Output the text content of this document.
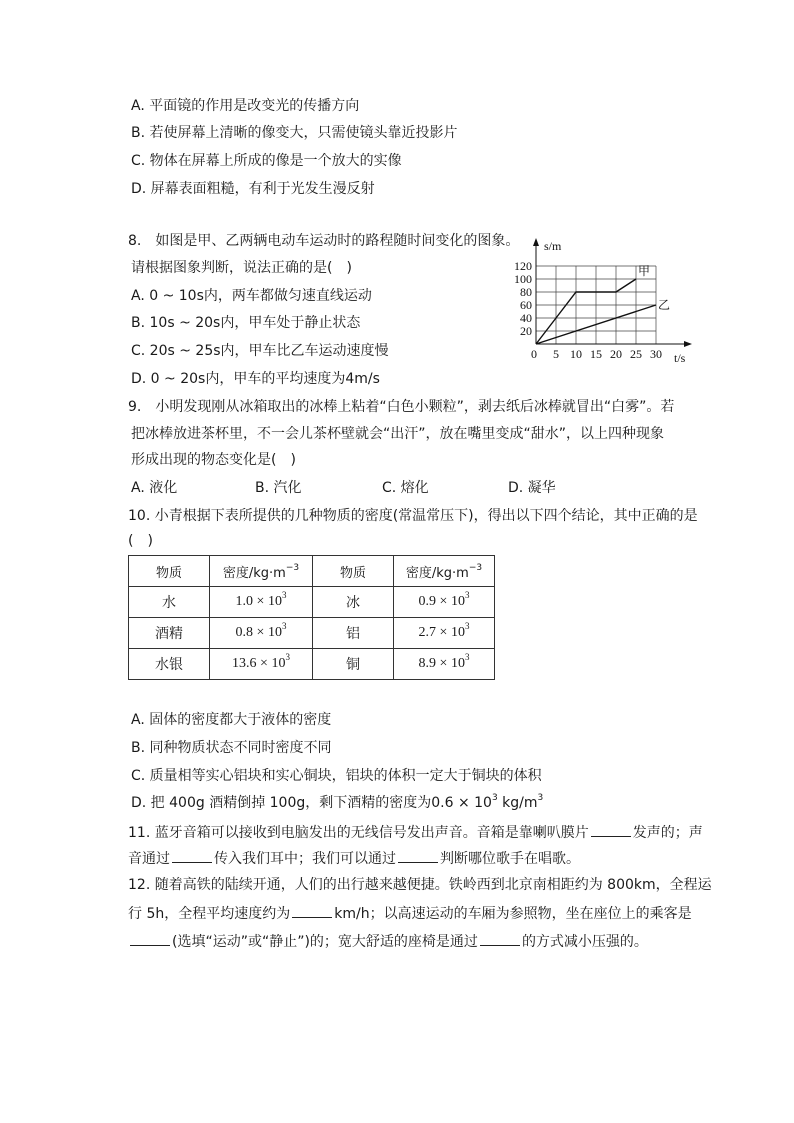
A. 平面镜的作用是改变光的传播方向
B. 若使屏幕上清晰的像变大，只需使镜头靠近投影片
C. 物体在屏幕上所成的像是一个放大的实像
D. 屏幕表面粗糙，有利于光发生漫反射
8.　如图是甲、乙两辆电动车运动时的路程随时间变化的图象。
请根据图象判断，说法正确的是(　)
A. 0 ~ 10s内，两车都做匀速直线运动
B. 10s ~ 20s内，甲车处于静止状态
C. 20s ~ 25s内，甲车比乙车运动速度慢
D. 0 ~ 20s内，甲车的平均速度为4m/s
s/m
t/s
20
40
60
80
100
120
5 10 15 20 25 30
0
甲
乙
9.　小明发现刚从冰箱取出的冰棒上粘着“白色小颗粒”，剥去纸后冰棒就冒出“白雾”。若
把冰棒放进茶杯里，不一会儿茶杯壁就会“出汗”，放在嘴里变成“甜水”，以上四种现象
形成出现的物态变化是(　)
A. 液化	B. 汽化	C. 熔化	D. 凝华
10. 小青根据下表所提供的几种物质的密度(常温常压下)，得出以下四个结论，其中正确的是
(　)
物质	密度$/kg\cdot m^{-3}$	物质	密度$/kg\cdot m^{-3}$
水	$1.0 \times 10^3$	冰	$0.9 \times 10^3$
酒精	$0.8 \times 10^3$	铝	$2.7 \times 10^3$
水银	$13.6 \times 10^3$	铜	$8.9 \times 10^3$
A. 固体的密度都大于液体的密度
B. 同种物质状态不同时密度不同
C. 质量相等实心铝块和实心铜块，铝块的体积一定大于铜块的体积
D. 把 400g 酒精倒掉 100g，剩下酒精的密度为$0.6 \times 10^3$ $kg/m^3$
11. 蓝牙音箱可以接收到电脑发出的无线信号发出声音。音箱是靠喇叭膜片	发声的；声
音通过	传入我们耳中；我们可以通过	判断哪位歌手在唱歌。
12. 随着高铁的陆续开通，人们的出行越来越便捷。铁岭西到北京南相距约为 800km，全程运
行 5h，全程平均速度约为	km/h；以高速运动的车厢为参照物，坐在座位上的乘客是
(选填“运动”或“静止”)的；宽大舒适的座椅是通过	的方式减小压强的。
